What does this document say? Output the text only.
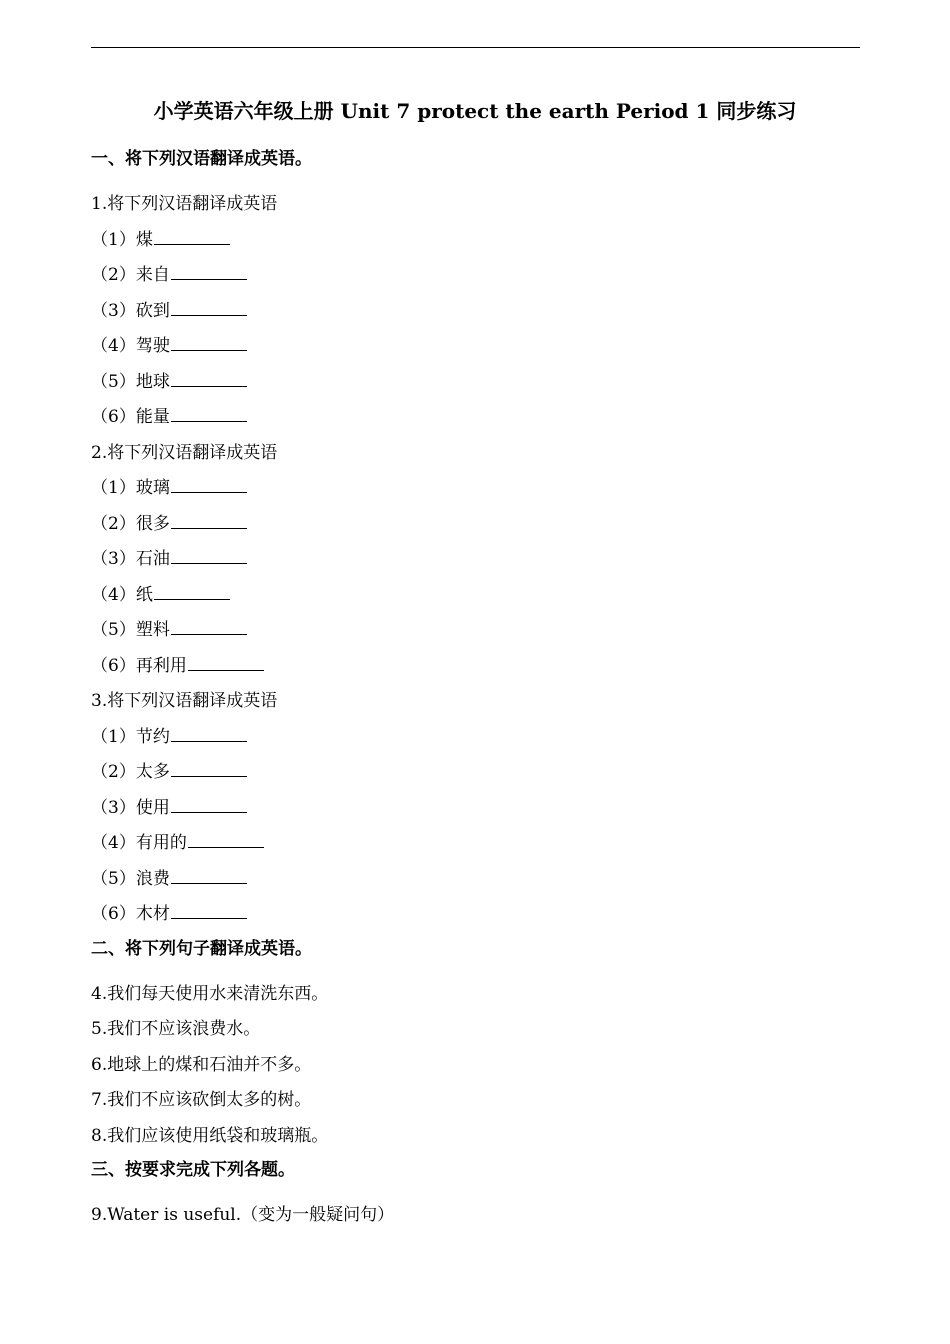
小学英语六年级上册 Unit 7 protect the earth Period 1 同步练习
一、将下列汉语翻译成英语。
1.将下列汉语翻译成英语
（1）煤
（2）来自
（3）砍到
（4）驾驶
（5）地球
（6）能量
2.将下列汉语翻译成英语
（1）玻璃
（2）很多
（3）石油
（4）纸
（5）塑料
（6）再利用
3.将下列汉语翻译成英语
（1）节约
（2）太多
（3）使用
（4）有用的
（5）浪费
（6）木材
二、将下列句子翻译成英语。
4.我们每天使用水来清洗东西。
5.我们不应该浪费水。
6.地球上的煤和石油并不多。
7.我们不应该砍倒太多的树。
8.我们应该使用纸袋和玻璃瓶。
三、按要求完成下列各题。
9.Water is useful.（变为一般疑问句）
